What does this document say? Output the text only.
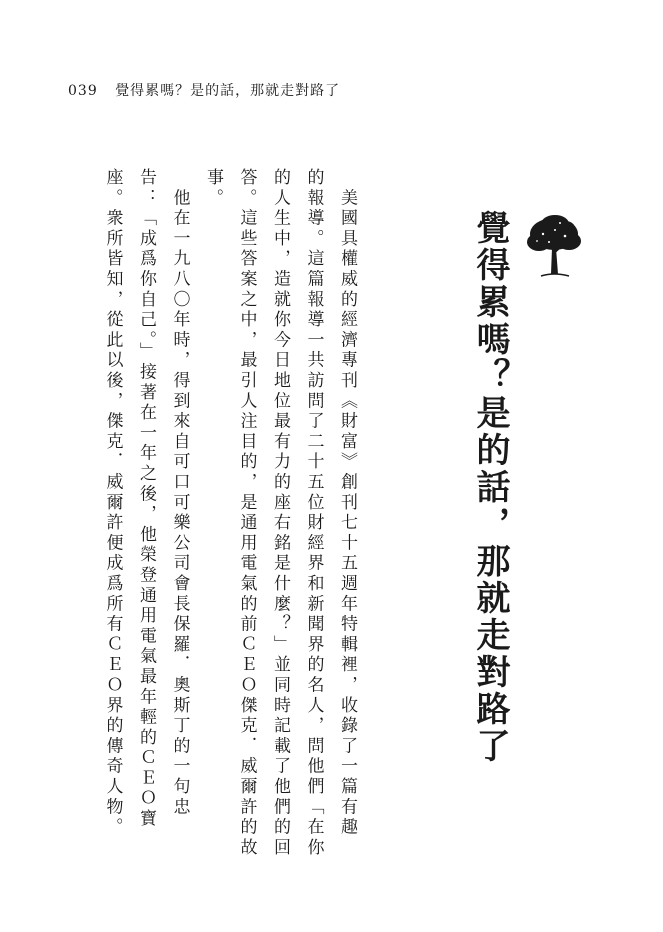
039 覺得累嗎？是的話，那就走對路了
覺得累嗎？是的話，那就走對路了
　美國具權威的經濟專刊《財富》創刊七十五週年特輯裡，收錄了一篇有趣
的報導。這篇報導一共訪問了二十五位財經界和新聞界的名人，問他們「在你
的人生中，造就你今日地位最有力的座右銘是什麼？」並同時記載了他們的回
答。這些答案之中，最引人注目的，是通用電氣的前ＣＥＯ傑克．威爾許的故
事。
　他在一九八〇年時，得到來自可口可樂公司會長保羅．奧斯丁的一句忠
告：「成爲你自己。」接著在一年之後，他榮登通用電氣最年輕的ＣＥＯ寶
座。衆所皆知，從此以後，傑克．威爾許便成爲所有ＣＥＯ界的傳奇人物。
